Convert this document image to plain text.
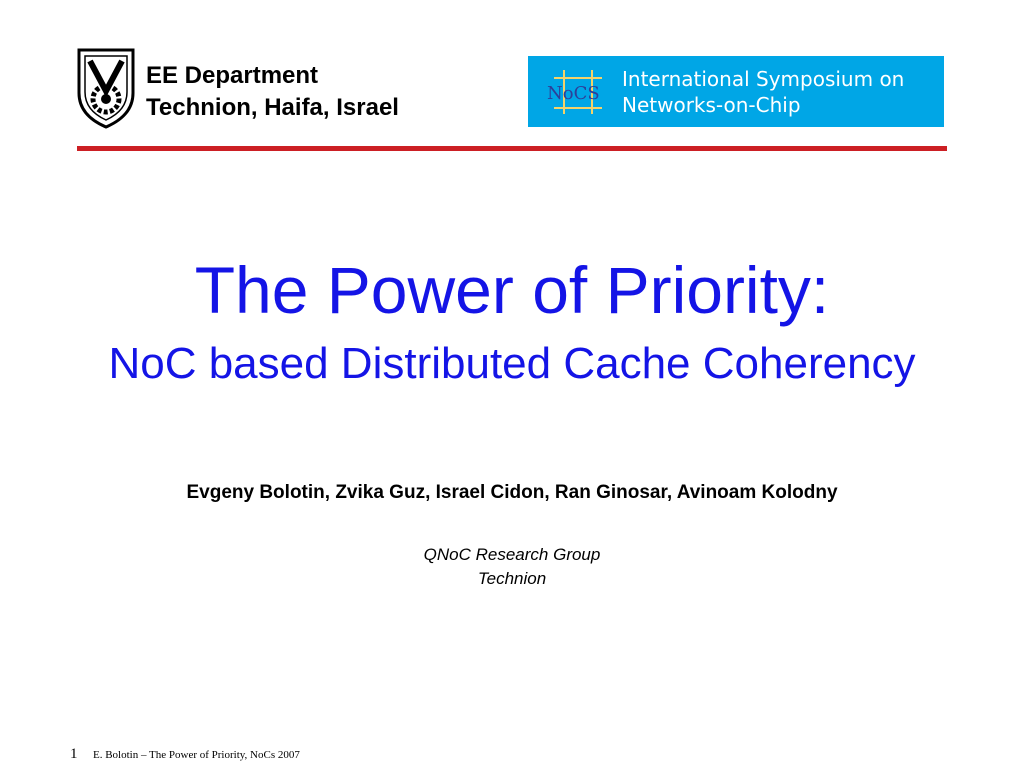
EE Department
Technion, Haifa, Israel
NoCS
International Symposium on
Networks-on-Chip
The Power of Priority:
NoC based Distributed Cache Coherency
Evgeny Bolotin, Zvika Guz, Israel Cidon, Ran Ginosar, Avinoam Kolodny
QNoC Research Group
Technion
1 E. Bolotin – The Power of Priority, NoCs 2007
